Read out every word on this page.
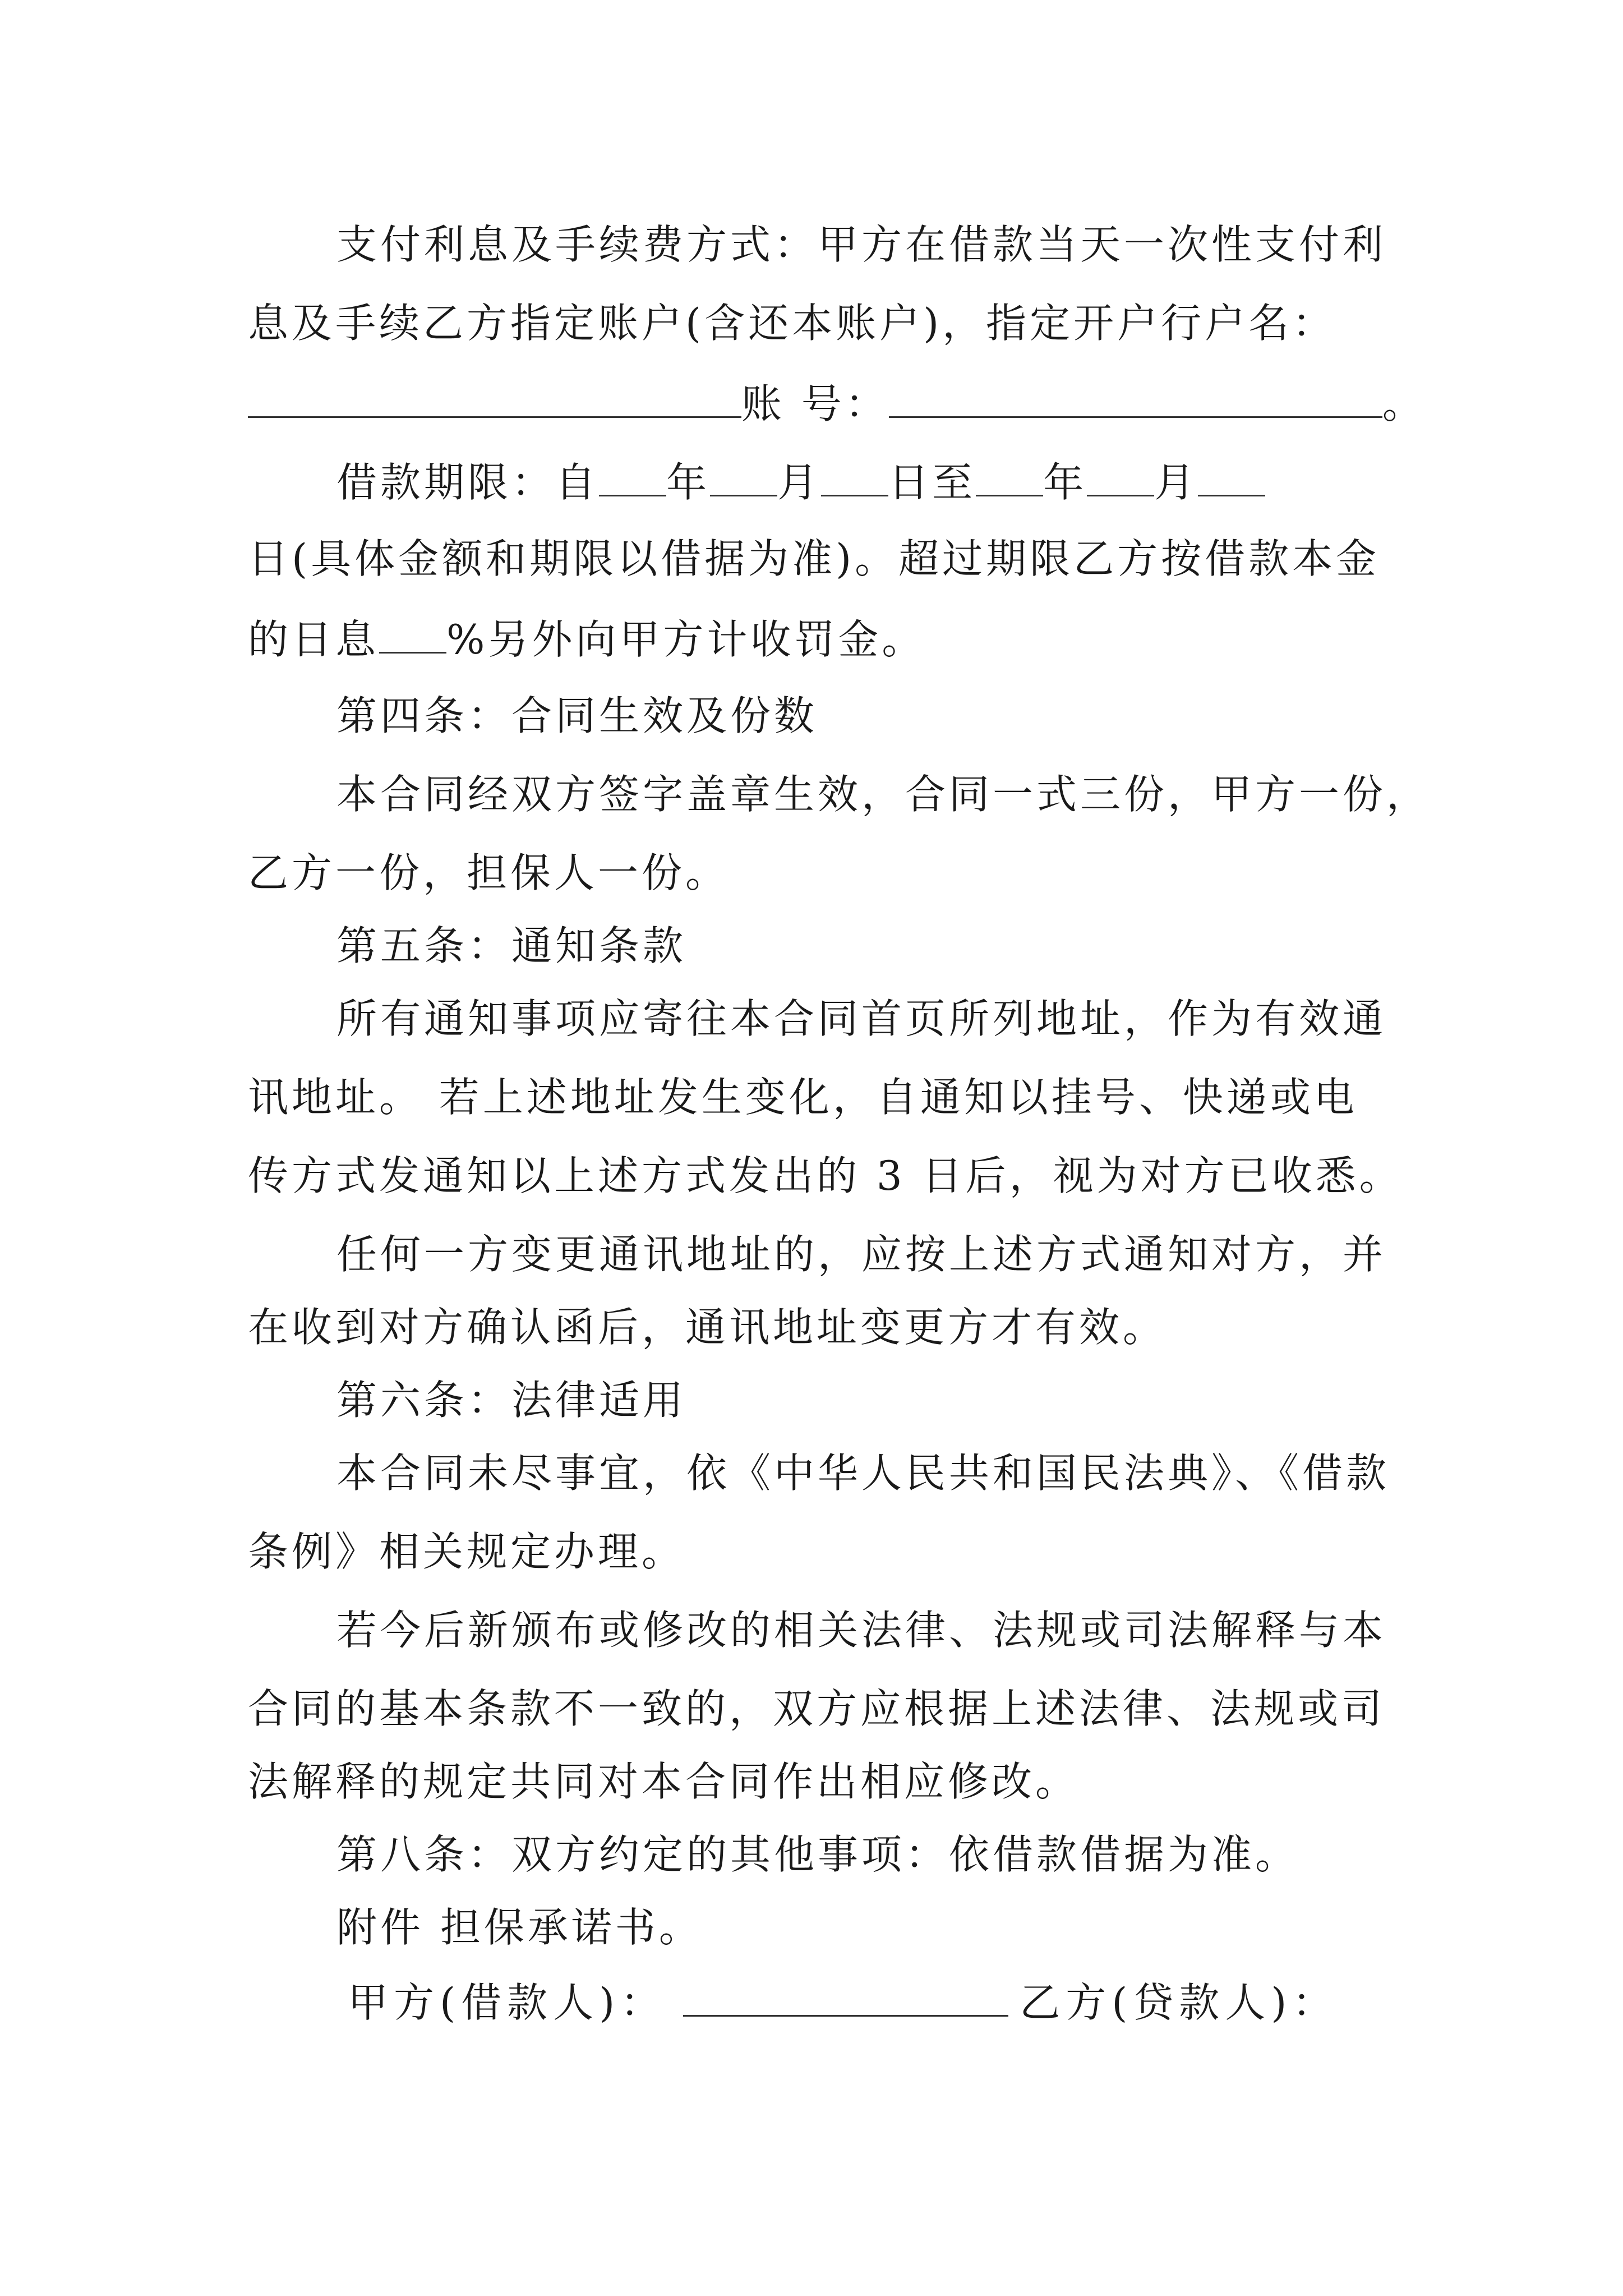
支付利息及手续费方式：甲方在借款当天一次性支付利
息及手续乙方指定账户(含还本账户)，指定开户行户名：
账 号：	。
借款期限：自 年 月 日至 年 月
日(具体金额和期限以借据为准)。超过期限乙方按借款本金
的日息 %另外向甲方计收罚金。
第四条：合同生效及份数
本合同经双方签字盖章生效，合同一式三份，甲方一份，
乙方一份，担保人一份。
第五条：通知条款
所有通知事项应寄往本合同首页所列地址，作为有效通
讯地址。 若上述地址发生变化，自通知以挂号、快递或电
传方式发通知以上述方式发出的 3 日后，视为对方已收悉。
任何一方变更通讯地址的，应按上述方式通知对方，并
在收到对方确认函后，通讯地址变更方才有效。
第六条：法律适用
本合同未尽事宜，依《中华人民共和国民法典》、《借款
条例》相关规定办理。
若今后新颁布或修改的相关法律、法规或司法解释与本
合同的基本条款不一致的，双方应根据上述法律、法规或司
法解释的规定共同对本合同作出相应修改。
第八条：双方约定的其他事项：依借款借据为准。
附件 担保承诺书。
甲方(借款人)：	乙方(贷款人)：
